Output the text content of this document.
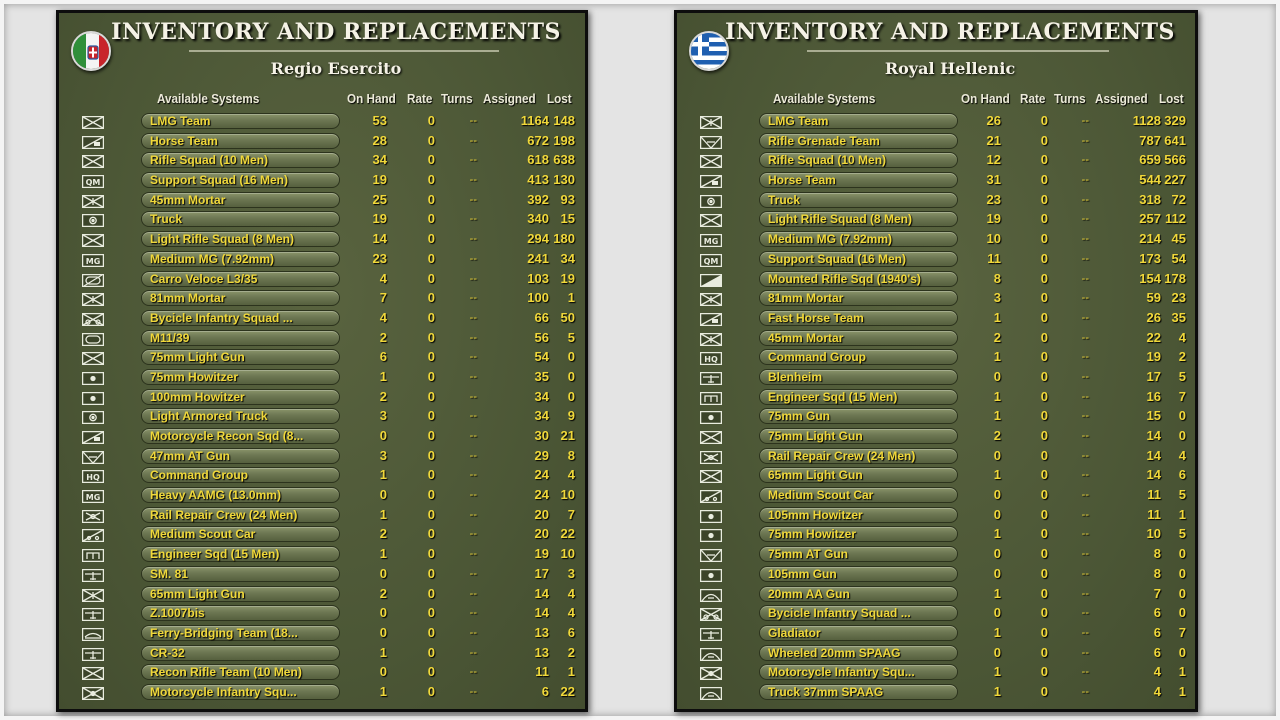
INVENTORY AND REPLACEMENTS
Regio Esercito
Available Systems	On Hand Rate Turns Assigned Lost
LMG Team	53	0	--	1164 148
Horse Team	28	0	--	672 198
Rifle Squad (10 Men)	34	0	--	618 638
QM	Support Squad (16 Men)	19	0	--	413 130
45mm Mortar	25	0	--	392 93
Truck	19	0	--	340 15
Light Rifle Squad (8 Men)	14	0	--	294 180
MG	Medium MG (7.92mm)	23	0	--	241 34
Carro Veloce L3/35	4	0	--	103 19
81mm Mortar	7	0	--	100	1
Bycicle Infantry Squad ...	4	0	--	66 50
M11/39	2	0	--	56	5
75mm Light Gun	6	0	--	54	0
75mm Howitzer	1	0	--	35	0
100mm Howitzer	2	0	--	34	0
Light Armored Truck	3	0	--	34	9
Motorcycle Recon Sqd (8...	0	0	--	30 21
47mm AT Gun	3	0	--	29	8
HQ	Command Group	1	0	--	24	4
MG	Heavy AAMG (13.0mm)	0	0	--	24 10
Rail Repair Crew (24 Men)	1	0	--	20	7
Medium Scout Car	2	0	--	20 22
Engineer Sqd (15 Men)	1	0	--	19 10
SM. 81	0	0	--	17	3
65mm Light Gun	2	0	--	14	4
Z.1007bis	0	0	--	14	4
Ferry-Bridging Team (18...	0	0	--	13	6
CR-32	1	0	--	13	2
Recon Rifle Team (10 Men)	0	0	--	11	1
Motorcycle Infantry Squ...	1	0	--	6 22
INVENTORY AND REPLACEMENTS
Royal Hellenic
Available Systems	On Hand Rate Turns Assigned Lost
LMG Team	26	0	--	1128 329
Rifle Grenade Team	21	0	--	787 641
Rifle Squad (10 Men)	12	0	--	659 566
Horse Team	31	0	--	544 227
Truck	23	0	--	318 72
Light Rifle Squad (8 Men)	19	0	--	257 112
MG	Medium MG (7.92mm)	10	0	--	214 45
QM	Support Squad (16 Men)	11	0	--	173 54
Mounted Rifle Sqd (1940's)	8	0	--	154 178
81mm Mortar	3	0	--	59 23
Fast Horse Team	1	0	--	26 35
45mm Mortar	2	0	--	22	4
HQ	Command Group	1	0	--	19	2
Blenheim	0	0	--	17	5
Engineer Sqd (15 Men)	1	0	--	16	7
75mm Gun	1	0	--	15	0
75mm Light Gun	2	0	--	14	0
Rail Repair Crew (24 Men)	0	0	--	14	4
65mm Light Gun	1	0	--	14	6
Medium Scout Car	0	0	--	11	5
105mm Howitzer	0	0	--	11	1
75mm Howitzer	1	0	--	10	5
75mm AT Gun	0	0	--	8	0
105mm Gun	0	0	--	8	0
20mm AA Gun	1	0	--	7	0
Bycicle Infantry Squad ...	0	0	--	6	0
Gladiator	1	0	--	6	7
Wheeled 20mm SPAAG	0	0	--	6	0
Motorcycle Infantry Squ...	1	0	--	4	1
Truck 37mm SPAAG	1	0	--	4	1
